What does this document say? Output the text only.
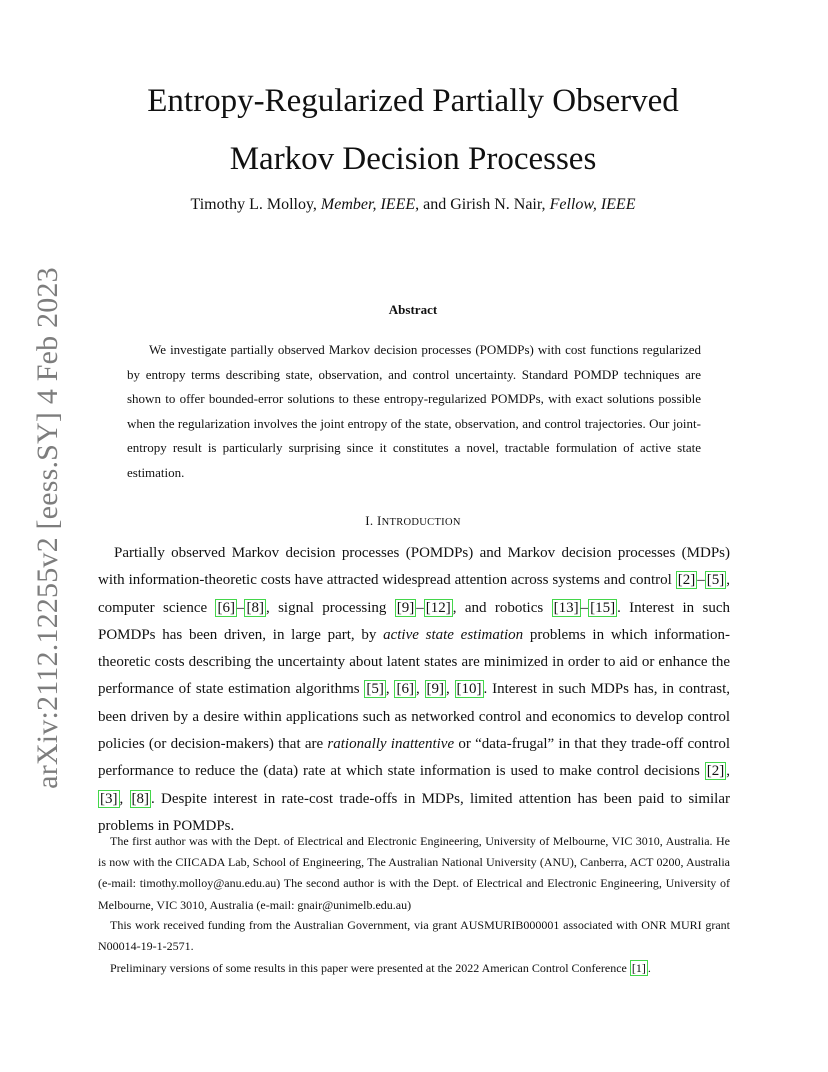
arXiv:2112.12255v2 [eess.SY] 4 Feb 2023
Entropy-Regularized Partially Observed
Markov Decision Processes
Timothy L. Molloy, Member, IEEE, and Girish N. Nair, Fellow, IEEE
Abstract

We investigate partially observed Markov decision processes (POMDPs) with cost functions regularized by entropy terms describing state, observation, and control uncertainty. Standard POMDP techniques are shown to offer bounded-error solutions to these entropy-regularized POMDPs, with exact solutions possible when the regularization involves the joint entropy of the state, observation, and control trajectories. Our joint-entropy result is particularly surprising since it constitutes a novel, tractable formulation of active state estimation.

I. INTRODUCTION

Partially observed Markov decision processes (POMDPs) and Markov decision processes (MDPs) with information-theoretic costs have attracted widespread attention across systems and control [2] – [5] , computer science [6] – [8] , signal processing [9] – [12] , and robotics [13] – [15] . Interest in such POMDPs has been driven, in large part, by active state estimation problems in which information-theoretic costs describing the uncertainty about latent states are minimized in order to aid or enhance the performance of state estimation algorithms [5] , [6] , [9] , [10] . Interest in such MDPs has, in contrast, been driven by a desire within applications such as networked control and economics to develop control policies (or decision-makers) that are rationally inattentive or “data-frugal” in that they trade-off control performance to reduce the (data) rate at which state information is used to make control decisions [2] , [3] , [8] . Despite interest in rate-cost trade-offs in MDPs, limited attention has been paid to similar problems in POMDPs.

The first author was with the Dept. of Electrical and Electronic Engineering, University of Melbourne, VIC 3010, Australia. He is now with the CIICADA Lab, School of Engineering, The Australian National University (ANU), Canberra, ACT 0200, Australia (e-mail: timothy.molloy@anu.edu.au) The second author is with the Dept. of Electrical and Electronic Engineering, University of Melbourne, VIC 3010, Australia (e-mail: gnair@unimelb.edu.au)

This work received funding from the Australian Government, via grant AUSMURIB000001 associated with ONR MURI grant N00014-19-1-2571.

Preliminary versions of some results in this paper were presented at the 2022 American Control Conference [1] .
